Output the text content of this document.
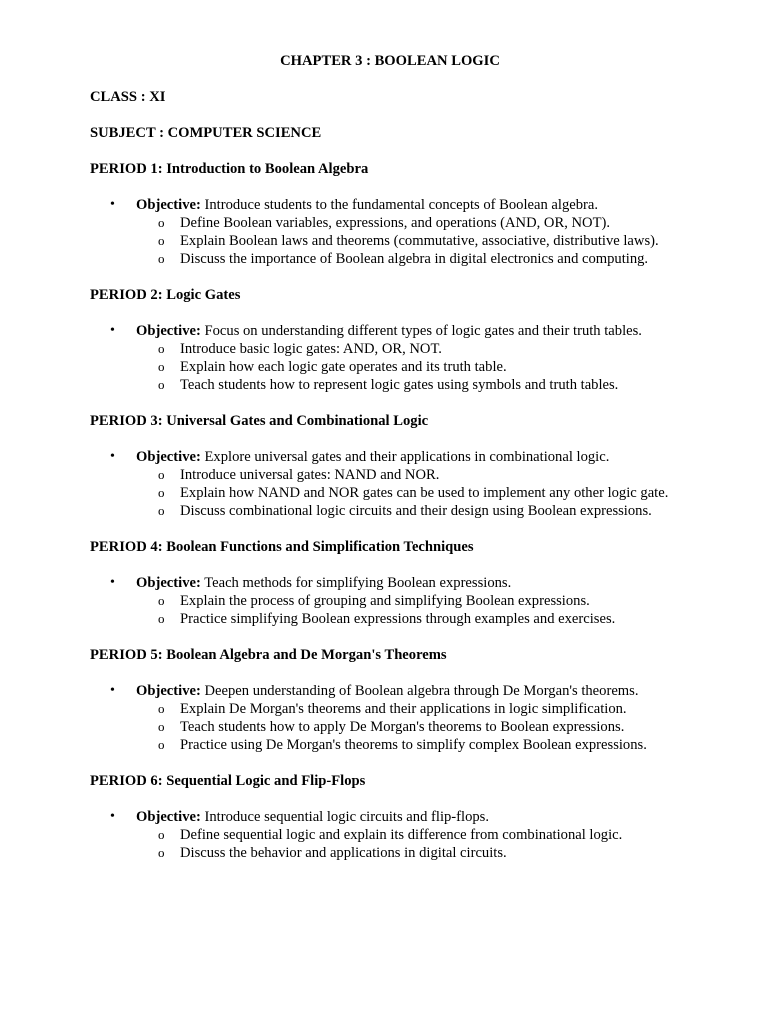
CHAPTER 3 : BOOLEAN LOGIC
CLASS : XI
SUBJECT : COMPUTER SCIENCE
PERIOD 1: Introduction to Boolean Algebra
• Objective: Introduce students to the fundamental concepts of Boolean algebra.
o Define Boolean variables, expressions, and operations (AND, OR, NOT).
o Explain Boolean laws and theorems (commutative, associative, distributive laws).
o Discuss the importance of Boolean algebra in digital electronics and computing.
PERIOD 2: Logic Gates
• Objective: Focus on understanding different types of logic gates and their truth tables.
o Introduce basic logic gates: AND, OR, NOT.
o Explain how each logic gate operates and its truth table.
o Teach students how to represent logic gates using symbols and truth tables.
PERIOD 3: Universal Gates and Combinational Logic
• Objective: Explore universal gates and their applications in combinational logic.
o Introduce universal gates: NAND and NOR.
o Explain how NAND and NOR gates can be used to implement any other logic gate.
o Discuss combinational logic circuits and their design using Boolean expressions.
PERIOD 4: Boolean Functions and Simplification Techniques
• Objective: Teach methods for simplifying Boolean expressions.
o Explain the process of grouping and simplifying Boolean expressions.
o Practice simplifying Boolean expressions through examples and exercises.
PERIOD 5: Boolean Algebra and De Morgan's Theorems
• Objective: Deepen understanding of Boolean algebra through De Morgan's theorems.
o Explain De Morgan's theorems and their applications in logic simplification.
o Teach students how to apply De Morgan's theorems to Boolean expressions.
o Practice using De Morgan's theorems to simplify complex Boolean expressions.
PERIOD 6: Sequential Logic and Flip-Flops
• Objective: Introduce sequential logic circuits and flip-flops.
o Define sequential logic and explain its difference from combinational logic.
o Discuss the behavior and applications in digital circuits.
